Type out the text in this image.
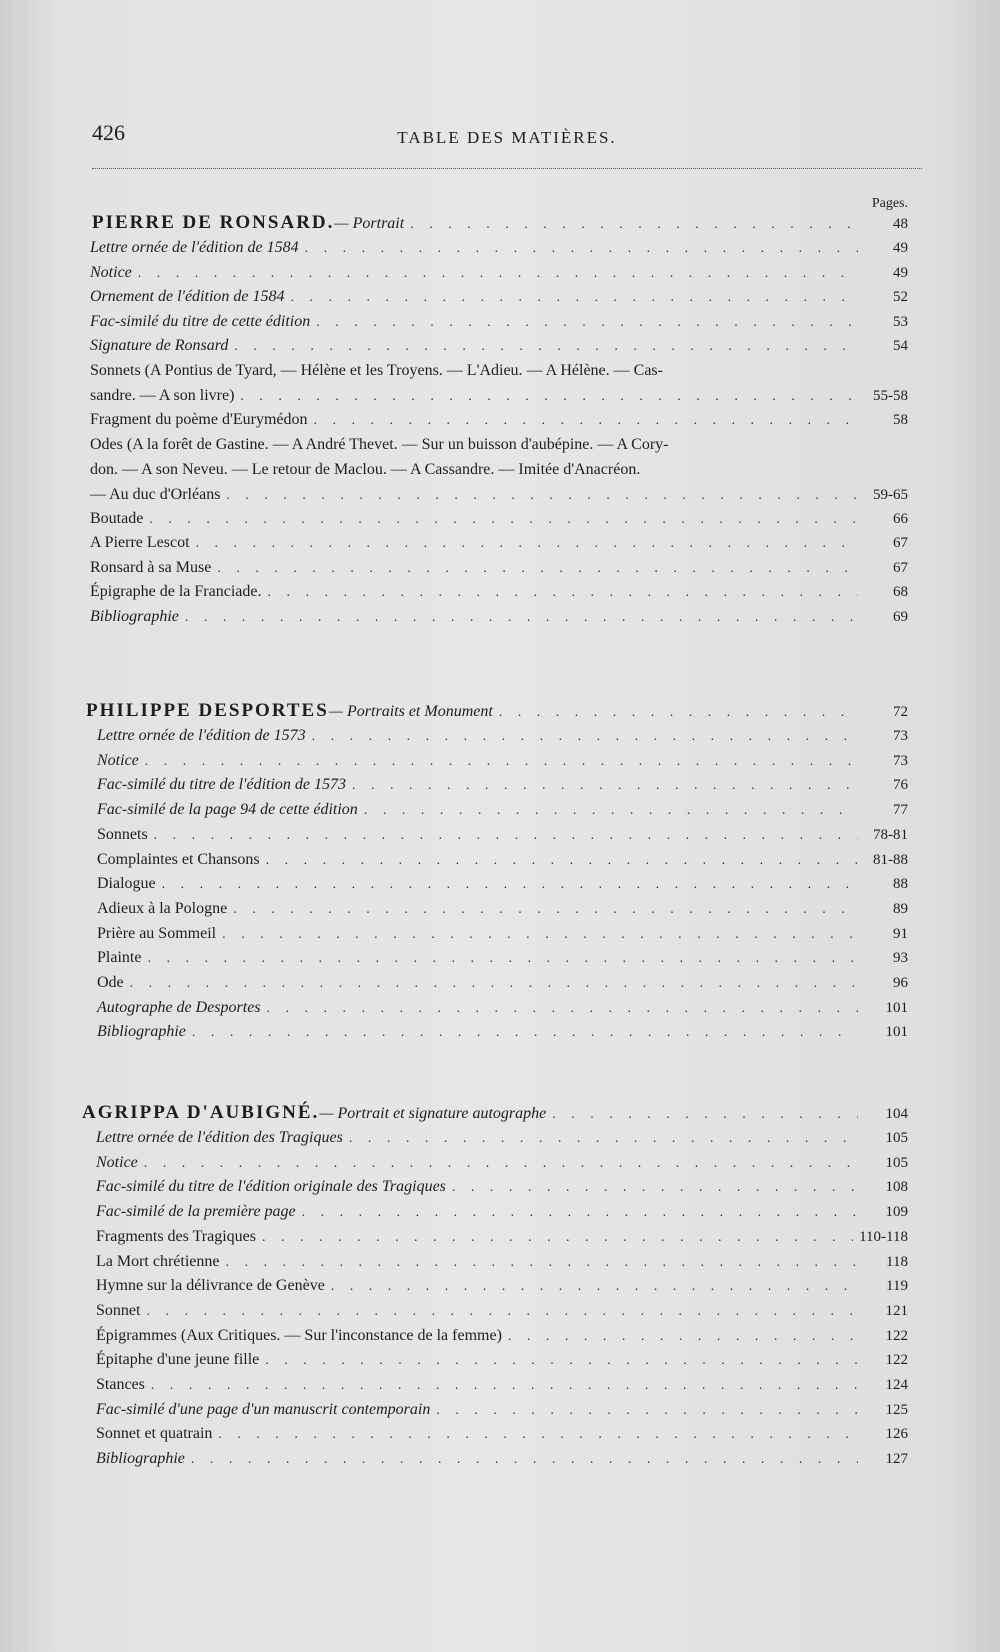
426	TABLE DES MATIÈRES.
Pages.
PIERRE DE RONSARD. — Portrait . . .	48
Lettre ornée de l'édition de 1584 . . .	49
Notice . . .	49
Ornement de l'édition de 1584 . . .	52
Fac-similé du titre de cette édition . . .	53
Signature de Ronsard . . .	54
Sonnets (A Pontius de Tyard, — Hélène et les Troyens. — L'Adieu. — A Hélène. — Cas-
sandre. — A son livre) . . .	55-58
Fragment du poème d'Eurymédon . . .	58
Odes (A la forêt de Gastine. — A André Thevet. — Sur un buisson d'aubépine. — A Cory-
don. — A son Neveu. — Le retour de Maclou. — A Cassandre. — Imitée d'Anacréon.
— Au duc d'Orléans . . .	59-65
Boutade . . .	66
A Pierre Lescot . . .	67
Ronsard à sa Muse . . .	67
Épigraphe de la Franciade. . . .	68
Bibliographie . . .	69
PHILIPPE DESPORTES — Portraits et Monument . . .	72
Lettre ornée de l'édition de 1573 . . .	73
Notice . . .	73
Fac-similé du titre de l'édition de 1573 . . .	76
Fac-similé de la page 94 de cette édition . . .	77
Sonnets . . .	78-81
Complaintes et Chansons . . .	81-88
Dialogue . . .	88
Adieux à la Pologne . . .	89
Prière au Sommeil . . .	91
Plainte . . .	93
Ode . . .	96
Autographe de Desportes . . .	101
Bibliographie . . .	101
AGRIPPA D'AUBIGNÉ. — Portrait et signature autographe . . .	104
Lettre ornée de l'édition des Tragiques . . .	105
Notice . . .	105
Fac-similé du titre de l'édition originale des Tragiques . . .	108
Fac-similé de la première page . . .	109
Fragments des Tragiques . . .	110-118
La Mort chrétienne . . .	118
Hymne sur la délivrance de Genève . . .	119
Sonnet . . .	121
Épigrammes (Aux Critiques. — Sur l'inconstance de la femme) . . .	122
Épitaphe d'une jeune fille . . .	122
Stances . . .	124
Fac-similé d'une page d'un manuscrit contemporain . . .	125
Sonnet et quatrain . . .	126
Bibliographie . . .	127
